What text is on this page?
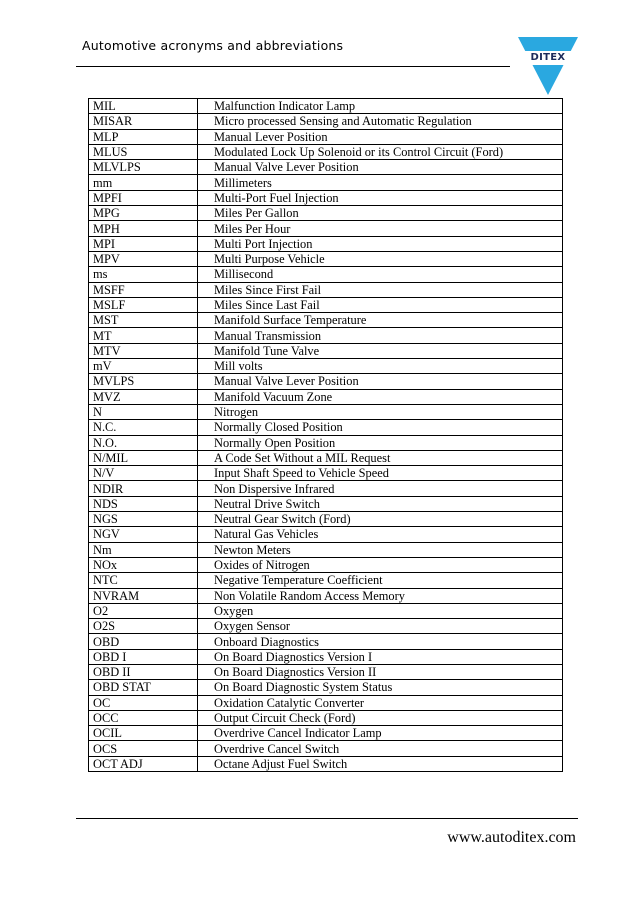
Automotive acronyms and abbreviations
DITEX
MIL	Malfunction Indicator Lamp
MISAR	Micro processed Sensing and Automatic Regulation
MLP	Manual Lever Position
MLUS	Modulated Lock Up Solenoid or its Control Circuit (Ford)
MLVLPS	Manual Valve Lever Position
mm	Millimeters
MPFI	Multi-Port Fuel Injection
MPG	Miles Per Gallon
MPH	Miles Per Hour
MPI	Multi Port Injection
MPV	Multi Purpose Vehicle
ms	Millisecond
MSFF	Miles Since First Fail
MSLF	Miles Since Last Fail
MST	Manifold Surface Temperature
MT	Manual Transmission
MTV	Manifold Tune Valve
mV	Mill volts
MVLPS	Manual Valve Lever Position
MVZ	Manifold Vacuum Zone
N	Nitrogen
N.C.	Normally Closed Position
N.O.	Normally Open Position
N/MIL	A Code Set Without a MIL Request
N/V	Input Shaft Speed to Vehicle Speed
NDIR	Non Dispersive Infrared
NDS	Neutral Drive Switch
NGS	Neutral Gear Switch (Ford)
NGV	Natural Gas Vehicles
Nm	Newton Meters
NOx	Oxides of Nitrogen
NTC	Negative Temperature Coefficient
NVRAM	Non Volatile Random Access Memory
O2	Oxygen
O2S	Oxygen Sensor
OBD	Onboard Diagnostics
OBD I	On Board Diagnostics Version I
OBD II	On Board Diagnostics Version II
OBD STAT	On Board Diagnostic System Status
OC	Oxidation Catalytic Converter
OCC	Output Circuit Check (Ford)
OCIL	Overdrive Cancel Indicator Lamp
OCS	Overdrive Cancel Switch
OCT ADJ	Octane Adjust Fuel Switch
www.autoditex.com
